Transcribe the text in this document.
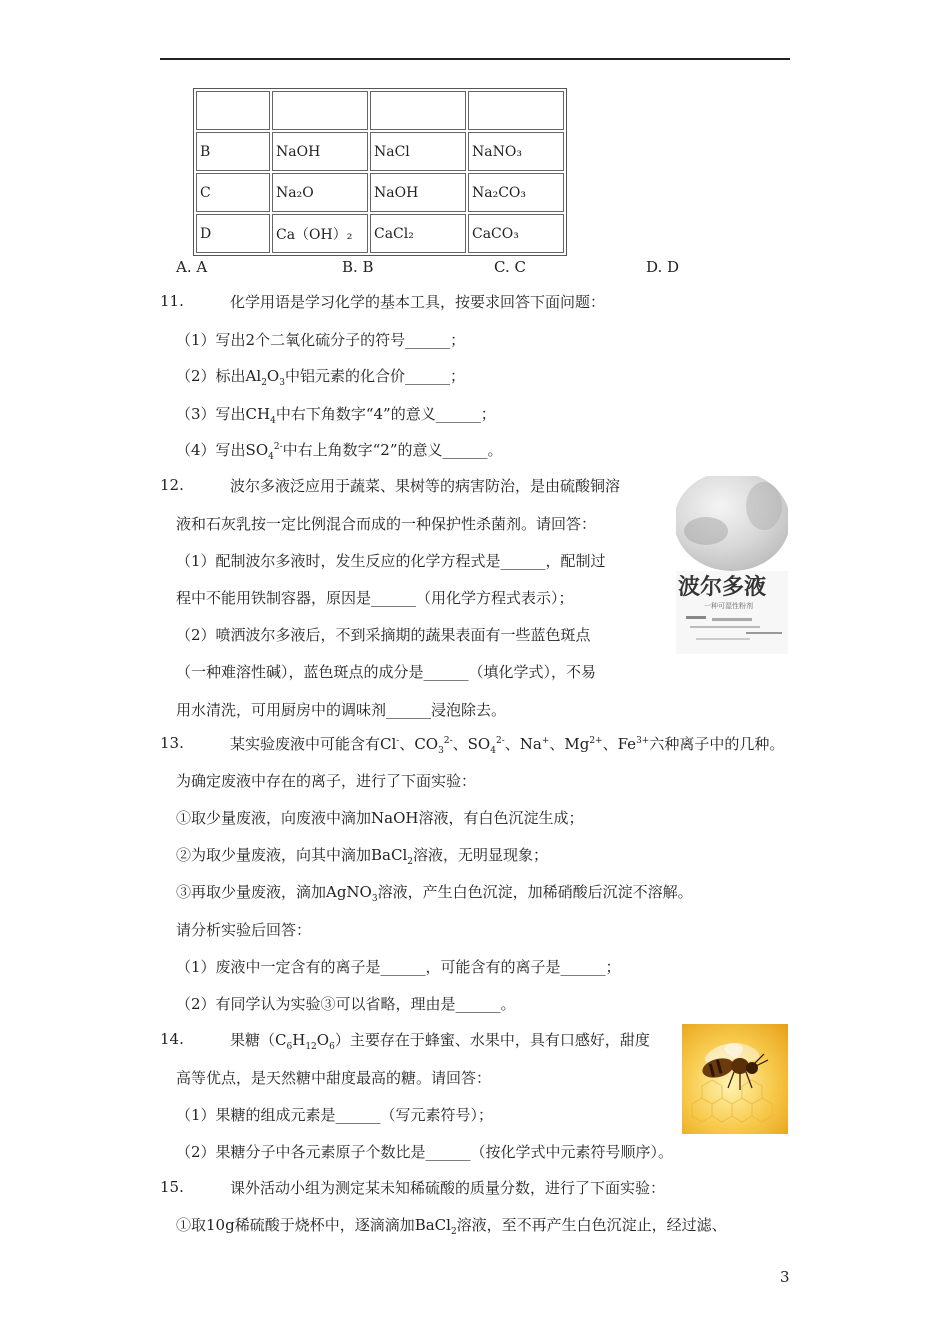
B	NaOH	NaCl	NaNO₃
C	Na₂O	NaOH	Na₂CO₃
D	Ca（OH）₂	CaCl₂	CaCO₃
A. A	B. B	C. C	D. D
11.	化学用语是学习化学的基本工具，按要求回答下面问题：
（1）写出2个二氧化硫分子的符号______；
（2）标出$Al_2O_3$中铝元素的化合价______；
（3）写出$CH_4$中右下角数字“4”的意义______；
（4）写出$SO_4^{2-}$中右上角数字“2”的意义______。
12.	波尔多液泛应用于蔬菜、果树等的病害防治，是由硫酸铜溶
液和石灰乳按一定比例混合而成的一种保护性杀菌剂。请回答：
（1）配制波尔多液时，发生反应的化学方程式是______，配制过
程中不能用铁制容器，原因是______（用化学方程式表示）；
（2）喷洒波尔多液后，不到采摘期的蔬果表面有一些蓝色斑点
（一种难溶性碱），蓝色斑点的成分是______（填化学式），不易
用水清洗，可用厨房中的调味剂______浸泡除去。
波尔多液
一种可湿性粉剂
13.	某实验废液中可能含有Cl-、$CO_3^{2-}$、$SO_4^{2-}$、Na+、$Mg^{2+}$、$Fe^{3+}$六种离子中的几种。
为确定废液中存在的离子，进行了下面实验：
①取少量废液，向废液中滴加NaOH溶液，有白色沉淀生成；
②为取少量废液，向其中滴加BaCl$_2$溶液，无明显现象；
③再取少量废液，滴加AgNO$_3$溶液，产生白色沉淀，加稀硝酸后沉淀不溶解。
请分析实验后回答：
（1）废液中一定含有的离子是______，可能含有的离子是______；
（2）有同学认为实验③可以省略，理由是______。
14.	果糖$(C_6H_{12}O_6)$主要存在于蜂蜜、水果中，具有口感好，甜度
高等优点，是天然糖中甜度最高的糖。请回答：
（1）果糖的组成元素是______（写元素符号）；
（2）果糖分子中各元素原子个数比是______（按化学式中元素符号顺序）。
15.	课外活动小组为测定某未知稀硫酸的质量分数，进行了下面实验：
①取10g稀硫酸于烧杯中，逐滴滴加BaCl$_2$溶液，至不再产生白色沉淀止，经过滤、
3
